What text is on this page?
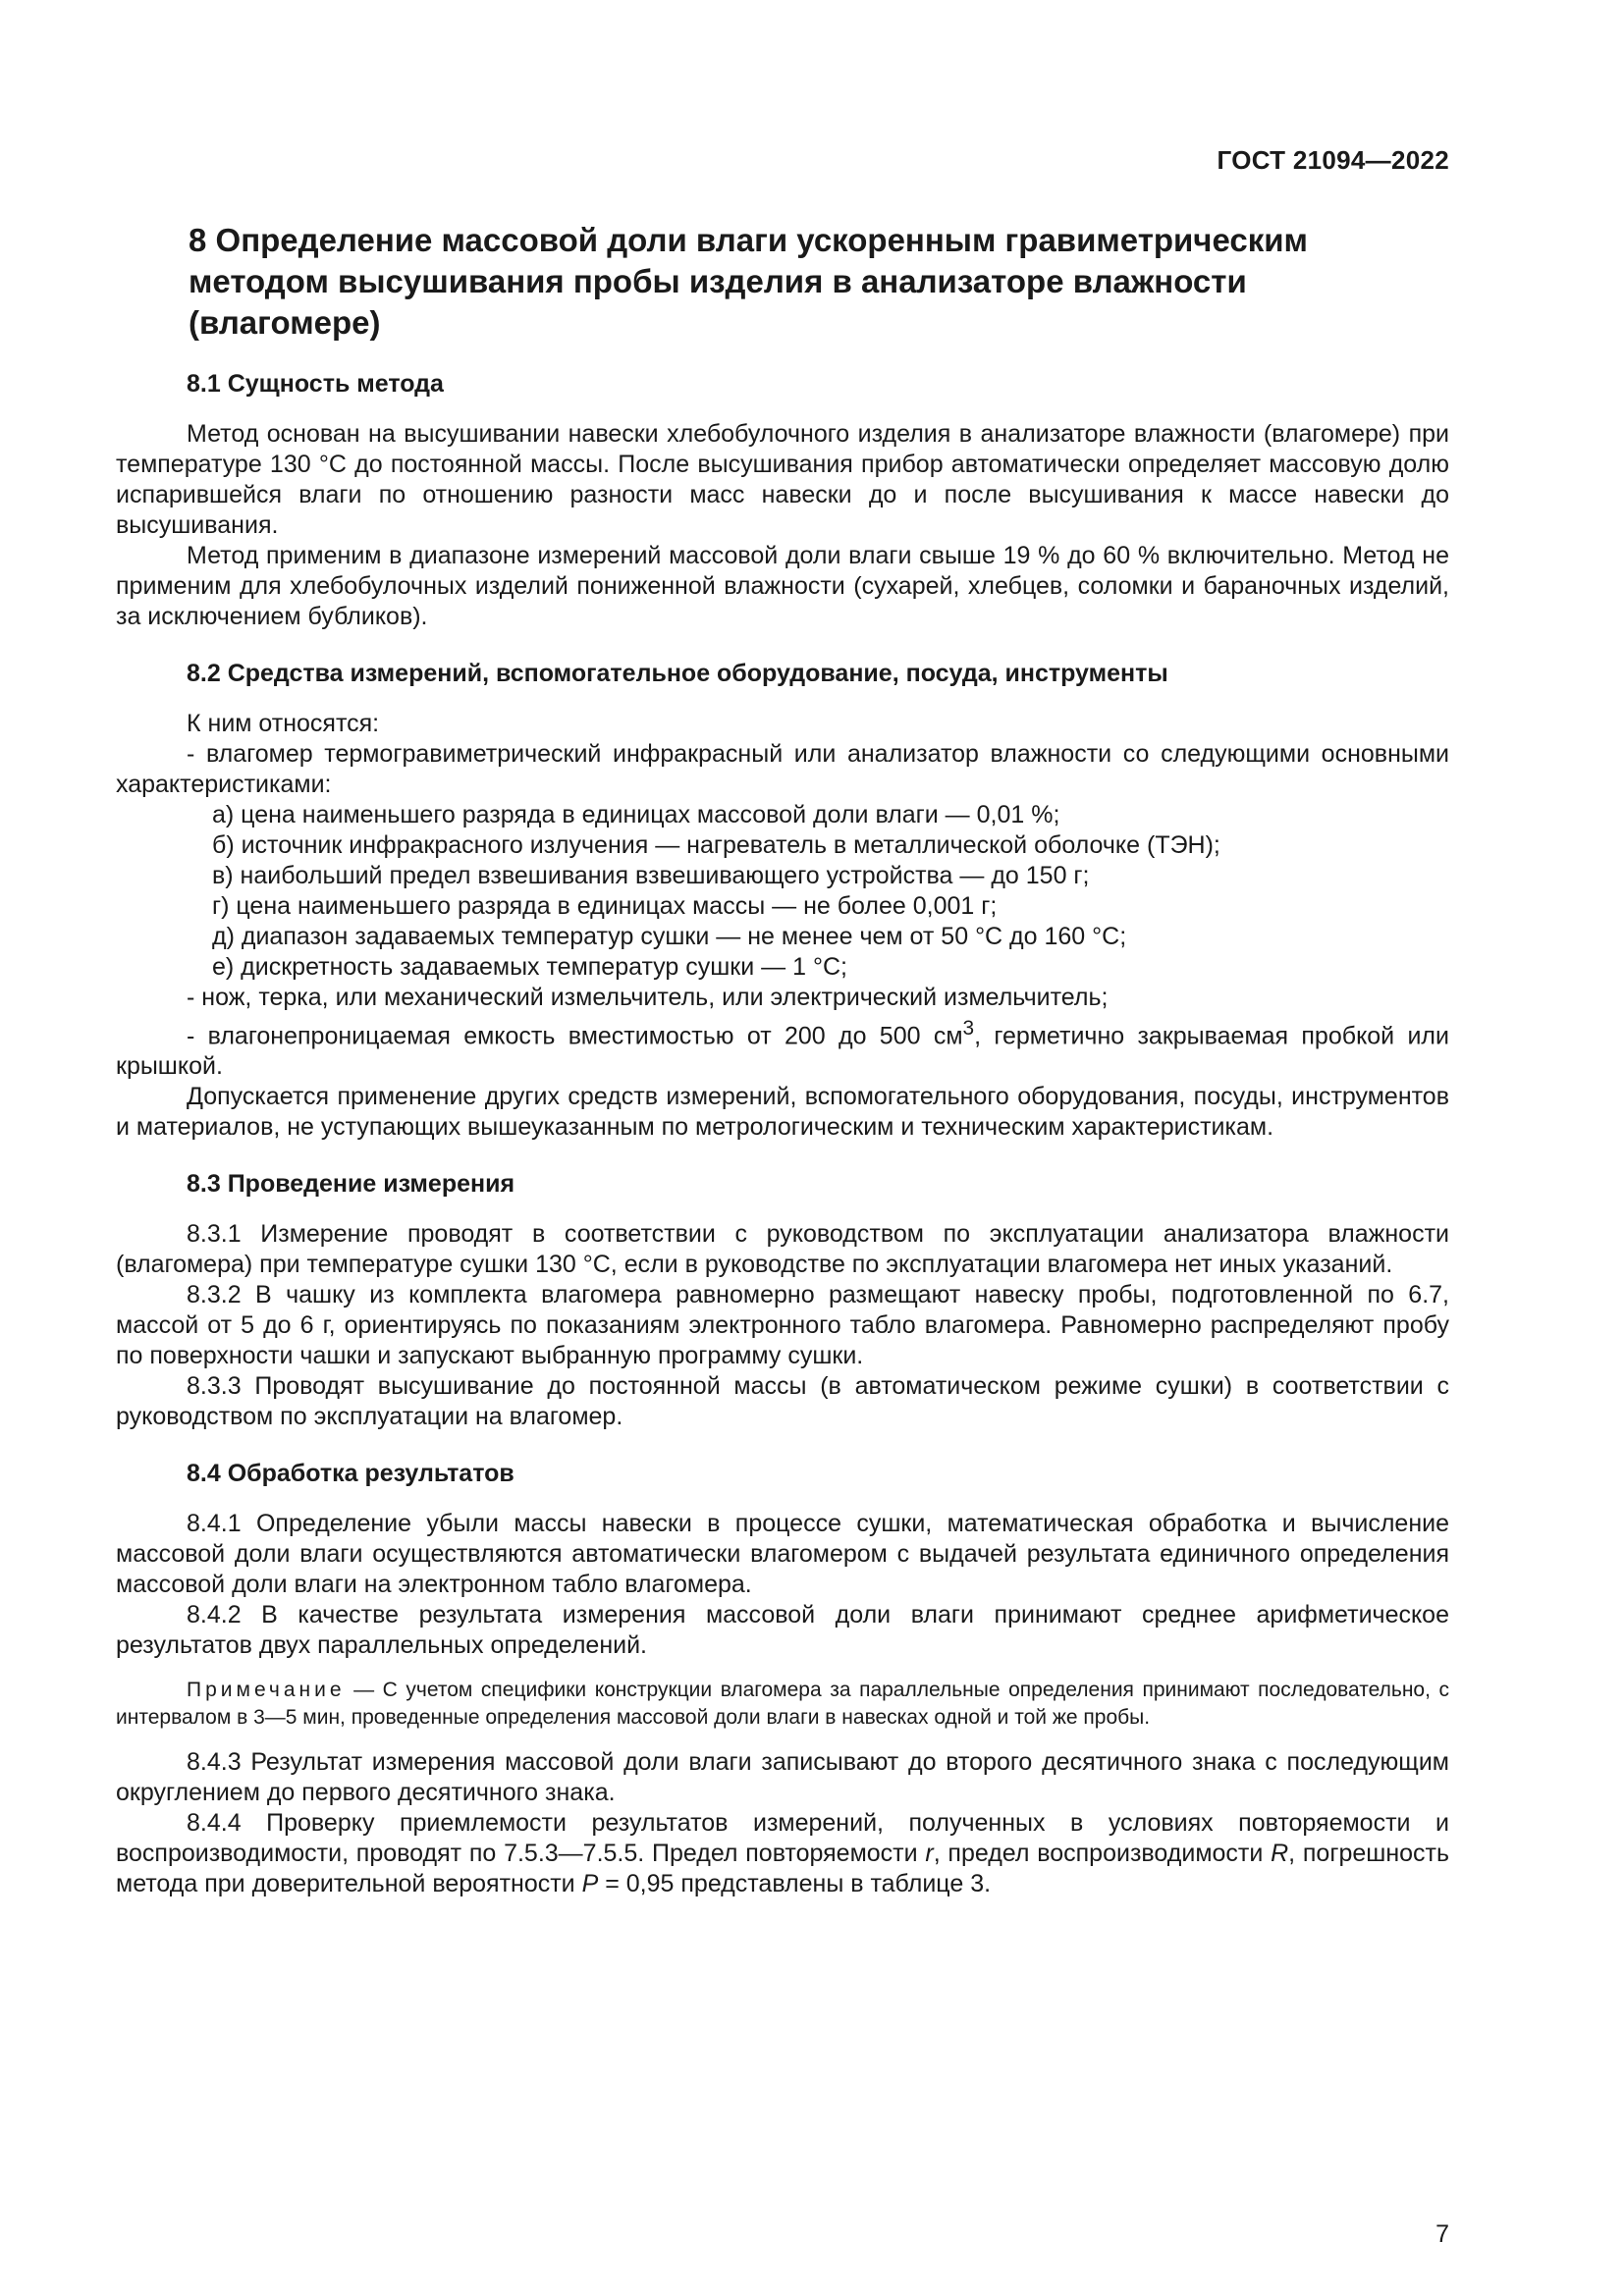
ГОСТ 21094—2022
8 Определение массовой доли влаги ускоренным гравиметрическим методом высушивания пробы изделия в анализаторе влажности (влагомере)
8.1 Сущность метода

Метод основан на высушивании навески хлебобулочного изделия в анализаторе влажности (влагомере) при температуре 130 °С до постоянной массы. После высушивания прибор автоматически определяет массовую долю испарившейся влаги по отношению разности масс навески до и после высушивания к массе навески до высушивания.

Метод применим в диапазоне измерений массовой доли влаги свыше 19 % до 60 % включительно. Метод не применим для хлебобулочных изделий пониженной влажности (сухарей, хлебцев, соломки и бараночных изделий, за исключением бубликов).

8.2 Средства измерений, вспомогательное оборудование, посуда, инструменты

К ним относятся:

- влагомер термогравиметрический инфракрасный или анализатор влажности со следующими основными характеристиками:

а) цена наименьшего разряда в единицах массовой доли влаги — 0,01 %;

б) источник инфракрасного излучения — нагреватель в металлической оболочке (ТЭН);

в) наибольший предел взвешивания взвешивающего устройства — до 150 г;

г) цена наименьшего разряда в единицах массы — не более 0,001 г;

д) диапазон задаваемых температур сушки — не менее чем от 50 °С до 160 °С;

е) дискретность задаваемых температур сушки — 1 °С;

- нож, терка, или механический измельчитель, или электрический измельчитель;

- влагонепроницаемая емкость вместимостью от 200 до 500 $см^3$, герметично закрываемая пробкой или крышкой.

Допускается применение других средств измерений, вспомогательного оборудования, посуды, инструментов и материалов, не уступающих вышеуказанным по метрологическим и техническим характеристикам.

8.3 Проведение измерения

8.3.1 Измерение проводят в соответствии с руководством по эксплуатации анализатора влажности (влагомера) при температуре сушки 130 °С, если в руководстве по эксплуатации влагомера нет иных указаний.

8.3.2 В чашку из комплекта влагомера равномерно размещают навеску пробы, подготовленной по 6.7, массой от 5 до 6 г, ориентируясь по показаниям электронного табло влагомера. Равномерно распределяют пробу по поверхности чашки и запускают выбранную программу сушки.

8.3.3 Проводят высушивание до постоянной массы (в автоматическом режиме сушки) в соответствии с руководством по эксплуатации на влагомер.

8.4 Обработка результатов

8.4.1 Определение убыли массы навески в процессе сушки, математическая обработка и вычисление массовой доли влаги осуществляются автоматически влагомером с выдачей результата единичного определения массовой доли влаги на электронном табло влагомера.

8.4.2 В качестве результата измерения массовой доли влаги принимают среднее арифметическое результатов двух параллельных определений.

Примечание — С учетом специфики конструкции влагомера за параллельные определения принимают последовательно, с интервалом в 3—5 мин, проведенные определения массовой доли влаги в навесках одной и той же пробы.

8.4.3 Результат измерения массовой доли влаги записывают до второго десятичного знака с последующим округлением до первого десятичного знака.

8.4.4 Проверку приемлемости результатов измерений, полученных в условиях повторяемости и воспроизводимости, проводят по 7.5.3—7.5.5. Предел повторяемости r, предел воспроизводимости R, погрешность метода при доверительной вероятности P = 0,95 представлены в таблице 3.

7
